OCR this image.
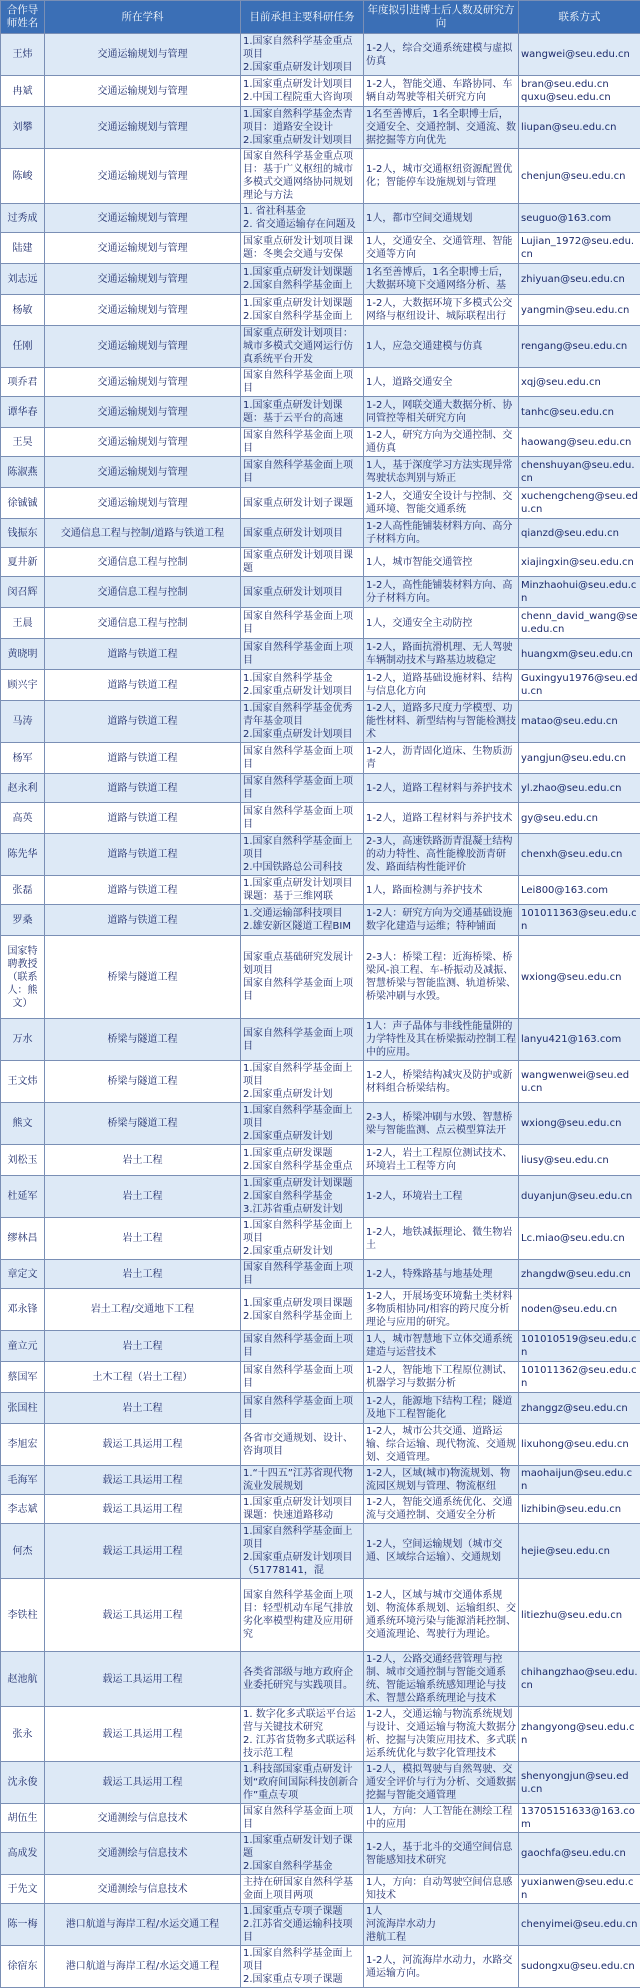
合作导师姓名	所在学科	目前承担主要科研任务	年度拟引进博士后人数及研究方向	联系方式

王炜	交通运输规划与管理	1.国家自然科学基金重点项目
2.国家重点研发计划项目	1-2人，综合交通系统建模与虚拟仿真	wangwei@seu.edu.cn

冉斌	交通运输规划与管理	1.国家重点研发计划项目
2.中国工程院重大咨询项	1-2人，智能交通、车路协同、车辆自动驾驶等相关研究方向	bran@seu.edu.cn
quxu@seu.edu.cn

刘攀	交通运输规划与管理	1.国家自然科学基金杰青项目：道路安全设计
2.国家重点研发计划项目	1名至善博后，1名全职博士后，交通安全、交通控制、交通流、数据挖掘等方向优先	liupan@seu.edu.cn

陈峻	交通运输规划与管理	国家自然科学基金重点项目：基于广义枢纽的城市多模式交通网络协同规划理论与方法	1-2人，城市交通枢纽资源配置优化；智能停车设施规划与管理	chenjun@seu.edu.cn

过秀成	交通运输规划与管理	1. 省社科基金
2. 省交通运输存在问题及	1人，都市空间交通规划	seuguo@163.com

陆建	交通运输规划与管理	国家重点研发计划项目课题：冬奥会交通与安保	1人，交通安全、交通管理、智能交通等方向	Lujian_1972@seu.edu.cn

刘志远	交通运输规划与管理	1.国家重点研发计划课题
2.国家自然科学基金面上	1名至善博后，1名全职博士后，大数据环境下交通网络分析、基	zhiyuan@seu.edu.cn

杨敏	交通运输规划与管理	1.国家重点研发计划课题
2.国家自然科学基金面上	1-2人，大数据环境下多模式公交网络与枢纽设计、城际联程出行	yangmin@seu.edu.cn

任刚	交通运输规划与管理	国家重点研发计划项目：城市多模式交通网运行仿真系统平台开发	1人，应急交通建模与仿真	rengang@seu.edu.cn

项乔君	交通运输规划与管理	国家自然科学基金面上项目	1人，道路交通安全	xqj@seu.edu.cn

谭华春	交通运输规划与管理	1.国家重点研发计划课题：基于云平台的高速	1-2人，网联交通大数据分析、协同管控等相关研究方向	tanhc@seu.edu.cn

王昊	交通运输规划与管理	国家自然科学基金面上项目	1-2人，研究方向为交通控制、交通仿真	haowang@seu.edu.cn

陈淑燕	交通运输规划与管理	国家自然科学基金面上项目	1人，基于深度学习方法实现异常驾驶状态判别与矫正	chenshuyan@seu.edu.cn

徐铖铖	交通运输规划与管理	国家重点研发计划子课题	1-2人，交通安全设计与控制、交通环境、智能交通系统	xuchengcheng@seu.edu.cn

钱振东	交通信息工程与控制/道路与铁道工程	国家重点研发计划项目	1-2人高性能铺装材料方向、高分子材料方向。	qianzd@seu.edu.cn

夏井新	交通信息工程与控制	国家重点研发计划项目课题	1人，城市智能交通管控	xiajingxin@seu.edu.cn

闵召辉	交通信息工程与控制	国家重点研发计划项目	1-2人，高性能铺装材料方向、高分子材料方向。	Minzhaohui@seu.edu.cn

王晨	交通信息工程与控制	国家自然科学基金面上项目	1人，交通安全主动防控	chenn_david_wang@seu.edu.cn

黄晓明	道路与铁道工程	国家自然科学基金面上项目	1-2人，路面抗滑机理、无人驾驶车辆制动技术与路基边坡稳定	huangxm@seu.edu.cn

顾兴宇	道路与铁道工程	1.国家自然科学基金
2.国家重点研发计划项目	1-2人，道路基础设施材料、结构与信息化方向	Guxingyu1976@seu.edu.cn

马涛	道路与铁道工程	1.国家自然科学基金优秀青年基金项目
2.国家重点研发计划项目	1-2人，道路多尺度力学模型、功能性材料、新型结构与智能检测技术	matao@seu.edu.cn

杨军	道路与铁道工程	国家自然科学基金面上项目	1-2人，沥青固化道床、生物质沥青	yangjun@seu.edu.cn

赵永利	道路与铁道工程	国家自然科学基金面上项目	1-2人，道路工程材料与养护技术	yl.zhao@seu.edu.cn

高英	道路与铁道工程	国家自然科学基金面上项目	1-2人，道路工程材料与养护技术	gy@seu.edu.cn

陈先华	道路与铁道工程	1.国家自然科学基金面上项目
2.中国铁路总公司科技	2-3人，高速铁路沥青混凝土结构的动力特性、高性能橡胶沥青研发、路面结构性能评价	chenxh@seu.edu.cn

张磊	道路与铁道工程	1.国家重点研发计划项目课题：基于三维网联	1人，路面检测与养护技术	Lei800@163.com

罗桑	道路与铁道工程	1.交通运输部科技项目
2.雄安新区隧道工程BIM	1-2人：研究方向为交通基础设施数字化建造与运维；特种铺面	101011363@seu.edu.cn

国家特聘教授（联系人：熊文）	桥梁与隧道工程	国家重点基础研究发展计划项目
国家自然科学基金面上项目	2-3人：桥梁工程：近海桥梁、桥梁风-浪工程、车-桥振动及减振、智慧桥梁与智能监测、轨道桥梁、桥梁冲刷与水毁。	wxiong@seu.edu.cn

万水	桥梁与隧道工程	国家自然科学基金面上项目	1人：声子晶体与非线性能量阱的力学特性及其在桥梁振动控制工程中的应用。	lanyu421@163.com

王文炜	桥梁与隧道工程	1.国家自然科学基金面上项目
2.国家重点研发计划	1-2人，桥梁结构减灾及防护或新材料组合桥梁结构。	wangwenwei@seu.edu.cn

熊文	桥梁与隧道工程	1.国家自然科学基金面上项目
2.国家重点研发计划	2-3人，桥梁冲刷与水毁、智慧桥梁与智能监测、点云模型算法开	wxiong@seu.edu.cn

刘松玉	岩土工程	1.国家重点研发课题
2.国家自然科学基金重点	1-2人，岩土工程原位测试技术、环境岩土工程等方向	liusy@seu.edu.cn

杜延军	岩土工程	1.国家重点研发计划课题
2.国家自然科学基金
3.江苏省重点研发计划	1-2人，环境岩土工程	duyanjun@seu.edu.cn

缪林昌	岩土工程	1.国家自然科学基金面上项目
2.国家重点研发计划	1-2人，地铁减振理论、微生物岩土	Lc.miao@seu.edu.cn

章定文	岩土工程	国家自然科学基金面上项目	1-2人，特殊路基与地基处理	zhangdw@seu.edu.cn

邓永锋	岩土工程/交通地下工程	1.国家重点研发项目课题
2.国家自然科学基金面上	1-2人，开展场变环境黏土类材料多物质相协同/相容的跨尺度分析理论与应用的研究。	noden@seu.edu.cn

童立元	岩土工程	国家自然科学基金面上项目	1人，城市智慧地下立体交通系统建造与运营技术	101010519@seu.edu.cn

蔡国军	土木工程（岩土工程）	国家自然科学基金面上项目	1-2人，智能地下工程原位测试、机器学习与数据分析	101011362@seu.edu.cn

张国柱	岩土工程	国家自然科学基金面上项目	1-2人，能源地下结构工程；隧道及地下工程智能化	zhanggz@seu.edu.cn

李旭宏	载运工具运用工程	各省市交通规划、设计、咨询项目	1-2人，城市公共交通、道路运输、综合运输、现代物流、交通规划、交通管理。	lixuhong@seu.edu.cn

毛海军	载运工具运用工程	1.“十四五”江苏省现代物流业发展规划	1-2人，区域(城市)物流规划、物流园区规划与管理、物流枢纽	maohaijun@seu.edu.cn

李志斌	载运工具运用工程	1.国家重点研发计划项目课题：快速道路移动	1-2人，智能交通系统优化、交通流与交通控制、交通安全分析	lizhibin@seu.edu.cn

何杰	载运工具运用工程	1.国家自然科学基金面上项目
2.国家重点研发计划项目（51778141，混	1-2人，空间运输规划（城市交通、区域综合运输）、交通规划	hejie@seu.edu.cn

李铁柱	载运工具运用工程	国家自然科学基金面上项目：轻型机动车尾气排放劣化率模型构建及应用研究	1-2人，区域与城市交通体系规划、物流体系规划、运输组织、交通系统环境污染与能源消耗控制、交通流理论、驾驶行为理论。	litiezhu@seu.edu.cn

赵池航	载运工具运用工程	各类省部级与地方政府企业委托研究与实践项目。	1-2人，公路交通经营管理与控制、城市交通控制与智能交通系统、智能运输系统感知理论与技术、智慧公路系统理论与技术	chihangzhao@seu.edu.cn

张永	载运工具运用工程	1. 数字化多式联运平台运营与关键技术研究
2. 江苏省货物多式联运科技示范工程	1-2人，交通运输与物流系统规划与设计、交通运输与物流大数据分析、挖掘与决策应用技术、多式联运系统优化与数字化管理技术	zhangyong@seu.edu.cn

沈永俊	载运工具运用工程	1.科技部国家重点研发计划“政府间国际科技创新合作”重点专项	1-2人，模拟驾驶与自然驾驶、交通安全评价与行为分析、交通数据挖掘与智能交通管理	shenyongjun@seu.edu.cn

胡伍生	交通测绘与信息技术	国家自然科学基金面上项目	1人，方向：人工智能在测绘工程中的应用	13705151633@163.com

高成发	交通测绘与信息技术	1.国家重点研发计划子课题
2.国家自然科学基金	1-2人，基于北斗的交通空间信息智能感知技术研究	gaochfa@seu.edu.cn

于先文	交通测绘与信息技术	主持在研国家自然科学基金面上项目两项	1人，方向：自动驾驶空间信息感知技术	yuxianwen@seu.edu.cn

陈一梅	港口航道与海岸工程/水运交通工程	1.国家重点专项子课题
2.江苏省交通运输科技项目	1人
河流海岸水动力
港航工程	chenyimei@seu.edu.cn

徐宿东	港口航道与海岸工程/水运交通工程	1.国家自然科学基金面上项目
2.国家重点专项子课题	1-2人，河流海岸水动力，水路交通运输方向。	sudongxu@seu.edu.cn
